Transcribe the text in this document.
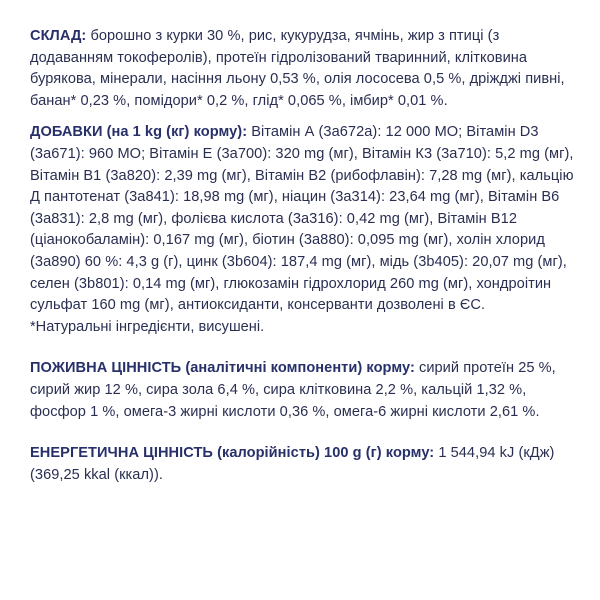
СКЛАД: борошно з курки 30 %, рис, кукурудза, ячмінь, жир з птиці (з додаванням токоферолів), протеїн гідролізований тваринний, клітковина бурякова, мінерали, насіння льону 0,53 %, олія лососева 0,5 %, дріжджі пивні, банан* 0,23 %, помідори* 0,2 %, глід* 0,065 %, імбир* 0,01 %.

ДОБАВКИ (на 1 kg (кг) корму): Вітамін А (3а672а): 12 000 МО; Вітамін D3 (3a671): 960 МО; Вітамін Е (3a700): 320 mg (мг), Вітамін К3 (3a710): 5,2 mg (мг), Вітамін В1 (3a820): 2,39 mg (мг), Вітамін В2 (рибофлавін): 7,28 mg (мг), кальцію Д пантотенат (3a841): 18,98 mg (мг), ніацин (3a314): 23,64 mg (мг), Вітамін В6 (3a831): 2,8 mg (мг), фолієва кислота (3a316): 0,42 mg (мг), Вітамін В12 (ціанокобаламін): 0,167 mg (мг), біотин (3a880): 0,095 mg (мг), холін хлорид (3a890) 60 %: 4,3 g (г), цинк (3b604): 187,4 mg (мг), мідь (3b405): 20,07 mg (мг), селен (3b801): 0,14 mg (мг), глюкозамін гідрохлорид 260 mg (мг), хондроітин сульфат 160 mg (мг), антиоксиданти, консерванти дозволені в ЄС.

*Натуральні інгредієнти, висушені.

ПОЖИВНА ЦІННІСТЬ (аналітичні компоненти) корму: сирий протеїн 25 %, сирий жир 12 %, сира зола 6,4 %, сира клітковина 2,2 %, кальцій 1,32 %, фосфор 1 %, омега-3 жирні кислоти 0,36 %, омега-6 жирні кислоти 2,61 %.

ЕНЕРГЕТИЧНА ЦІННІСТЬ (калорійність) 100 g (г) корму: 1 544,94 kJ (кДж) (369,25 kkal (ккал)).
